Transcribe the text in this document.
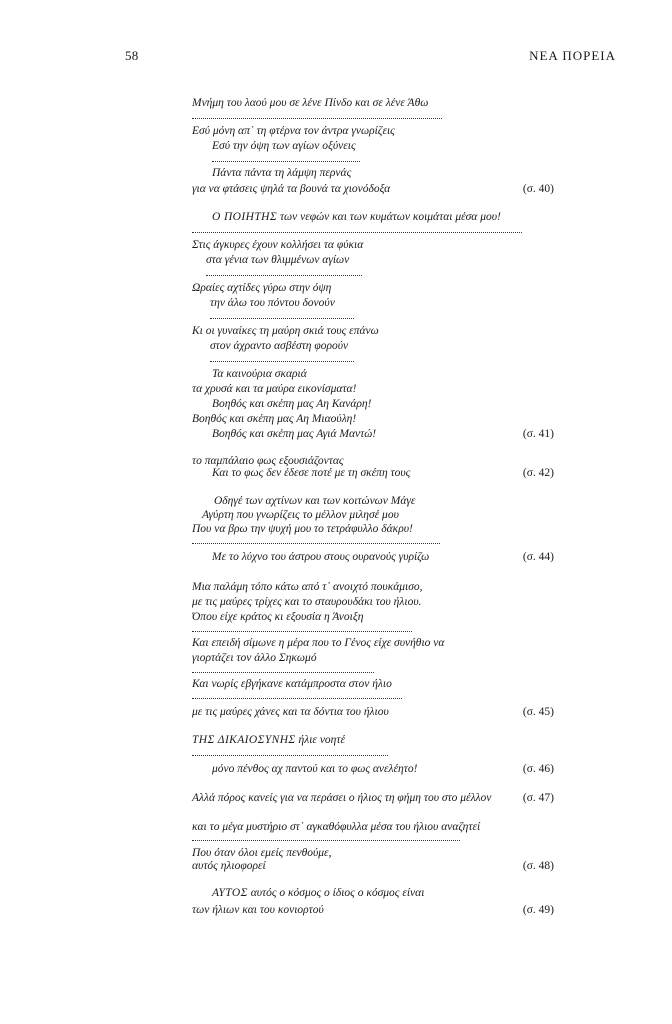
58	ΝΕΑ ΠΟΡΕΙΑ
Μνήμη του λαού μου σε λένε Πίνδο και σε λένε Άθω
Εσύ μόνη απ᾽ τη φτέρνα τον άντρα γνωρίζεις
Εσύ την όψη των αγίων οξύνεις
Πάντα πάντα τη λάμψη περνάς
για να φτάσεις ψηλά τα βουνά τα χιονόδοξα	(σ. 40)
Ο ΠΟΙΗΤΗΣ των νεφών και των κυμάτων κοιμάται μέσα μου!
Στις άγκυρες έχουν κολλήσει τα φύκια
στα γένια των θλιμμένων αγίων
Ωραίες αχτίδες γύρω στην όψη
την άλω του πόντου δονούν
Κι οι γυναίκες τη μαύρη σκιά τους επάνω
στον άχραντο ασβέστη φορούν
Τα καινούρια σκαριά
τα χρυσά και τα μαύρα εικονίσματα!
Βοηθός και σκέπη μας Αη Κανάρη!
Βοηθός και σκέπη μας Αη Μιαούλη!
Βοηθός και σκέπη μας Αγιά Μαντώ!	(σ. 41)
το παμπάλαιο φως εξουσιάζοντας
Και το φως δεν έδεσε ποτέ με τη σκέπη τους	(σ. 42)
Οδηγέ των αχτίνων και των κοιτώνων Μάγε
Αγύρτη που γνωρίζεις το μέλλον μιλησέ μου
Που να βρω την ψυχή μου το τετράφυλλο δάκρυ!
Με το λύχνο του άστρου στους ουρανούς γυρίζω	(σ. 44)
Μια παλάμη τόπο κάτω από τ᾽ ανοιχτό πουκάμισο,
με τις μαύρες τρίχες και το σταυρουδάκι του ήλιου.
Όπου είχε κράτος κι εξουσία η Άνοιξη
Και επειδή σίμωνε η μέρα που το Γένος είχε συνήθιο να
γιορτάζει τον άλλο Σηκωμό
Και νωρίς εβγήκανε κατάμπροστα στον ήλιο
με τις μαύρες χάνες και τα δόντια του ήλιου	(σ. 45)
ΤΗΣ ΔΙΚΑΙΟΣΥΝΗΣ ήλιε νοητέ
μόνο πένθος αχ παντού και το φως ανελέητο!	(σ. 46)
Αλλά πόρος κανείς για να περάσει ο ήλιος τη φήμη του στο μέλλον	(σ. 47)
και το μέγα μυστήριο στ᾽ αγκαθόφυλλα μέσα του ήλιου αναζητεί
Που όταν όλοι εμείς πενθούμε,
αυτός ηλιοφορεί	(σ. 48)
ΑΥΤΟΣ αυτός ο κόσμος ο ίδιος ο κόσμος είναι
των ήλιων και του κονιορτού	(σ. 49)
